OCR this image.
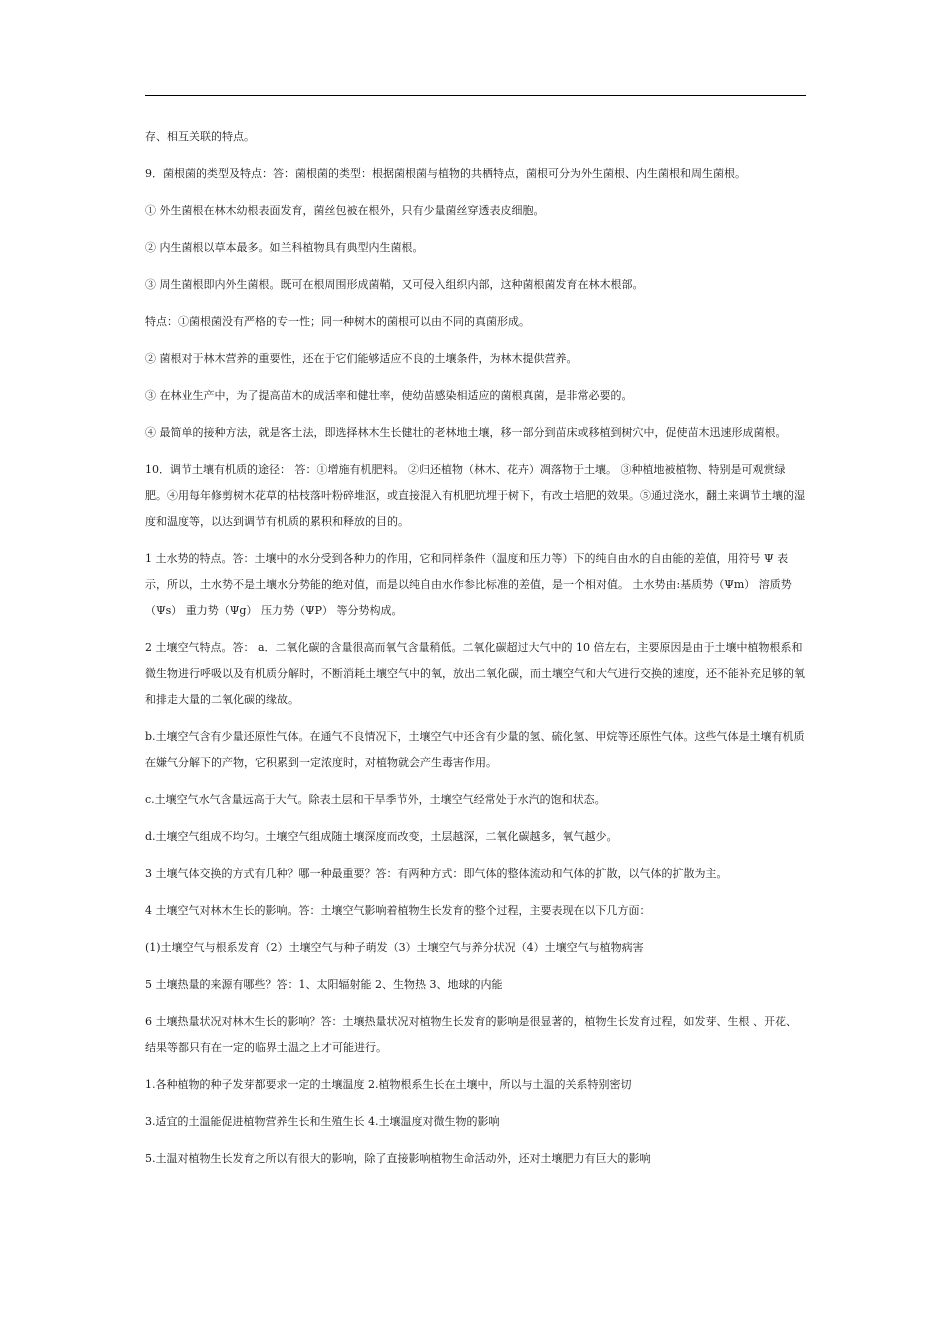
存、相互关联的特点。

9．菌根菌的类型及特点：答：菌根菌的类型：根据菌根菌与植物的共栖特点，菌根可分为外生菌根、内生菌根和周生菌根。

① 外生菌根在林木幼根表面发育，菌丝包被在根外，只有少量菌丝穿透表皮细胞。

② 内生菌根以草本最多。如兰科植物具有典型内生菌根。

③ 周生菌根即内外生菌根。既可在根周围形成菌鞘，又可侵入组织内部，这种菌根菌发育在林木根部。

特点：①菌根菌没有严格的专一性；同一种树木的菌根可以由不同的真菌形成。

② 菌根对于林木营养的重要性，还在于它们能够适应不良的土壤条件，为林木提供营养。

③ 在林业生产中，为了提高苗木的成活率和健壮率，使幼苗感染相适应的菌根真菌，是非常必要的。

④ 最简单的接种方法，就是客土法，即选择林木生长健壮的老林地土壤，移一部分到苗床或移植到树穴中，促使苗木迅速形成菌根。

10．调节土壤有机质的途径： 答：①增施有机肥料。 ②归还植物（林木、花卉）凋落物于土壤。 ③种植地被植物、特别是可观赏绿肥。④用每年修剪树木花草的枯枝落叶粉碎堆沤，或直接混入有机肥坑埋于树下，有改土培肥的效果。⑤通过浇水，翻土来调节土壤的湿度和温度等，以达到调节有机质的累积和释放的目的。

1 土水势的特点。答：土壤中的水分受到各种力的作用，它和同样条件（温度和压力等）下的纯自由水的自由能的差值，用符号 Ψ 表示，所以，土水势不是土壤水分势能的绝对值，而是以纯自由水作参比标准的差值，是一个相对值。 土水势由:基质势（Ψm） 溶质势（Ψs） 重力势（Ψg） 压力势（ΨP） 等分势构成。

2 土壤空气特点。答： a．二氧化碳的含量很高而氧气含量稍低。二氧化碳超过大气中的 10 倍左右，主要原因是由于土壤中植物根系和微生物进行呼吸以及有机质分解时，不断消耗土壤空气中的氧，放出二氧化碳，而土壤空气和大气进行交换的速度，还不能补充足够的氧和排走大量的二氧化碳的缘故。

b.土壤空气含有少量还原性气体。在通气不良情况下，土壤空气中还含有少量的氢、硫化氢、甲烷等还原性气体。这些气体是土壤有机质在嫌气分解下的产物，它积累到一定浓度时，对植物就会产生毒害作用。

c.土壤空气水气含量远高于大气。除表土层和干旱季节外，土壤空气经常处于水汽的饱和状态。

d.土壤空气组成不均匀。土壤空气组成随土壤深度而改变，土层越深，二氧化碳越多，氧气越少。

3 土壤气体交换的方式有几种？哪一种最重要？答：有两种方式：即气体的整体流动和气体的扩散，以气体的扩散为主。

4 土壤空气对林木生长的影响。答：土壤空气影响着植物生长发育的整个过程，主要表现在以下几方面：

(1)土壤空气与根系发育（2）土壤空气与种子萌发（3）土壤空气与养分状况（4）土壤空气与植物病害

5 土壤热量的来源有哪些？答：1、太阳辐射能 2、生物热 3、地球的内能

6 土壤热量状况对林木生长的影响？答：土壤热量状况对植物生长发育的影响是很显著的，植物生长发育过程，如发芽、生根 、开花、结果等都只有在一定的临界土温之上才可能进行。

1.各种植物的种子发芽都要求一定的土壤温度 2.植物根系生长在土壤中，所以与土温的关系特别密切

3.适宜的土温能促进植物营养生长和生殖生长 4.土壤温度对微生物的影响

5.土温对植物生长发育之所以有很大的影响，除了直接影响植物生命活动外，还对土壤肥力有巨大的影响
